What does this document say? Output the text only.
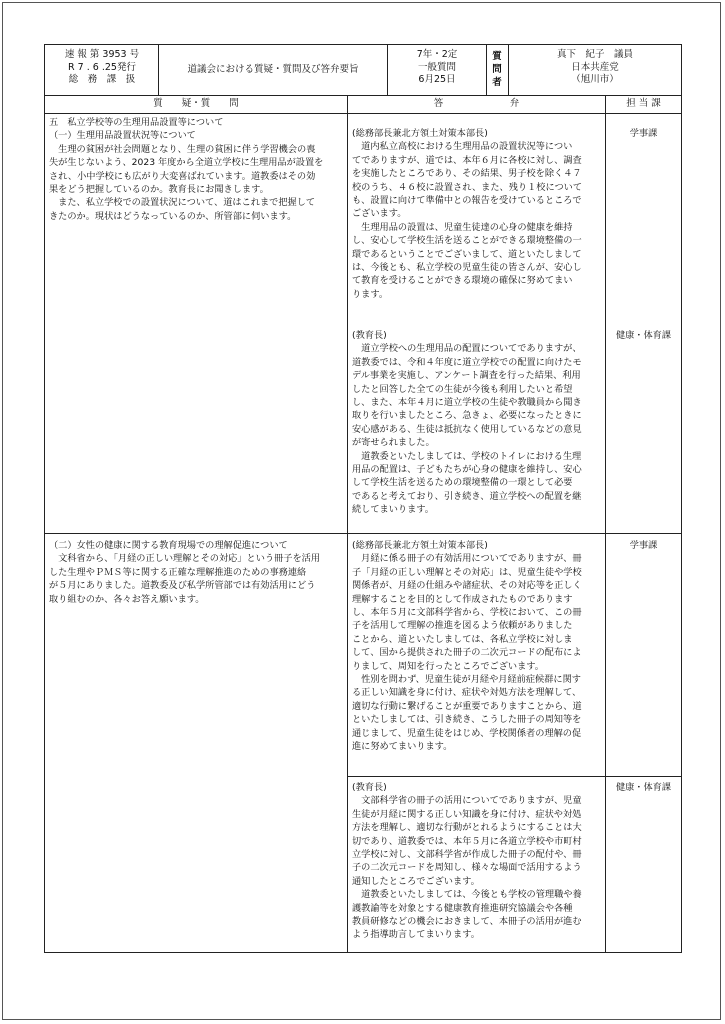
速 報 第 3953 号
R 7 . 6 .25発行
総　務　課　扱
道議会における質疑・質問及び答弁要旨
7年・2定
一般質問
6月25日
質問者
真下　紀子　議員
日本共産党
（旭川市）
質　　疑・質　　問	答　　　　　　　弁	担 当 課
五　私立学校等の生理用品設置等について
（一）生理用品設置状況等について
　生理の貧困が社会問題となり、生理の貧困に伴う学習機会の喪
失が生じないよう、2023 年度から全道立学校に生理用品が設置を
され、小中学校にも広がり大変喜ばれています。道教委はその効
果をどう把握しているのか。教育長にお聞きします。
　また、私立学校での設置状況について、道はこれまで把握して
きたのか。現状はどうなっているのか、所管部に伺います。
（二）女性の健康に関する教育現場での理解促進について
　文科省から、「月経の正しい理解とその対応」という冊子を活用
した生理やＰＭＳ等に関する正確な理解推進のための事務連絡
が５月にありました。道教委及び私学所管部では有効活用にどう
取り組むのか、各々お答え願います。
(総務部長兼北方領土対策本部長)
　道内私立高校における生理用品の設置状況等につい
てでありますが、道では、本年６月に各校に対し、調査
を実施したところであり、その結果、男子校を除く４７
校のうち、４６校に設置され、また、残り１校について
も、設置に向けて準備中との報告を受けているところで
ございます。
　生理用品の設置は、児童生徒達の心身の健康を維持
し、安心して学校生活を送ることができる環境整備の一
環であるということでございまして、道といたしまして
は、今後とも、私立学校の児童生徒の皆さんが、安心し
て教育を受けることができる環境の確保に努めてまい
ります。
(教育長)
　道立学校への生理用品の配置についてでありますが、
道教委では、令和４年度に道立学校での配置に向けたモ
デル事業を実施し、アンケート調査を行った結果、利用
したと回答した全ての生徒が今後も利用したいと希望
し、また、本年４月に道立学校の生徒や教職員から聞き
取りを行いましたところ、急きょ、必要になったときに
安心感がある、生徒は抵抗なく使用しているなどの意見
が寄せられました。
　道教委といたしましては、学校のトイレにおける生理
用品の配置は、子どもたちが心身の健康を維持し、安心
して学校生活を送るための環境整備の一環として必要
であると考えており、引き続き、道立学校への配置を継
続してまいります。
(総務部長兼北方領土対策本部長)
　月経に係る冊子の有効活用についてでありますが、冊
子「月経の正しい理解とその対応」は、児童生徒や学校
関係者が、月経の仕組みや諸症状、その対応等を正しく
理解することを目的として作成されたものであります
し、本年５月に文部科学省から、学校において、この冊
子を活用して理解の推進を図るよう依頼がありました
ことから、道といたしましては、各私立学校に対しま
して、国から提供された冊子の二次元コードの配布によ
りまして、周知を行ったところでございます。
　性別を問わず、児童生徒が月経や月経前症候群に関す
る正しい知識を身に付け、症状や対処方法を理解して、
適切な行動に繋げることが重要でありますことから、道
といたしましては、引き続き、こうした冊子の周知等を
通じまして、児童生徒をはじめ、学校関係者の理解の促
進に努めてまいります。
(教育長)
　文部科学省の冊子の活用についてでありますが、児童
生徒が月経に関する正しい知識を身に付け、症状や対処
方法を理解し、適切な行動がとれるようにすることは大
切であり、道教委では、本年５月に各道立学校や市町村
立学校に対し、文部科学省が作成した冊子の配付や、冊
子の二次元コードを周知し、様々な場面で活用するよう
通知したところでございます。
　道教委といたしましては、今後とも学校の管理職や養
護教諭等を対象とする健康教育推進研究協議会や各種
教員研修などの機会におきまして、本冊子の活用が進む
よう指導助言してまいります。
学事課
健康・体育課
学事課
健康・体育課
